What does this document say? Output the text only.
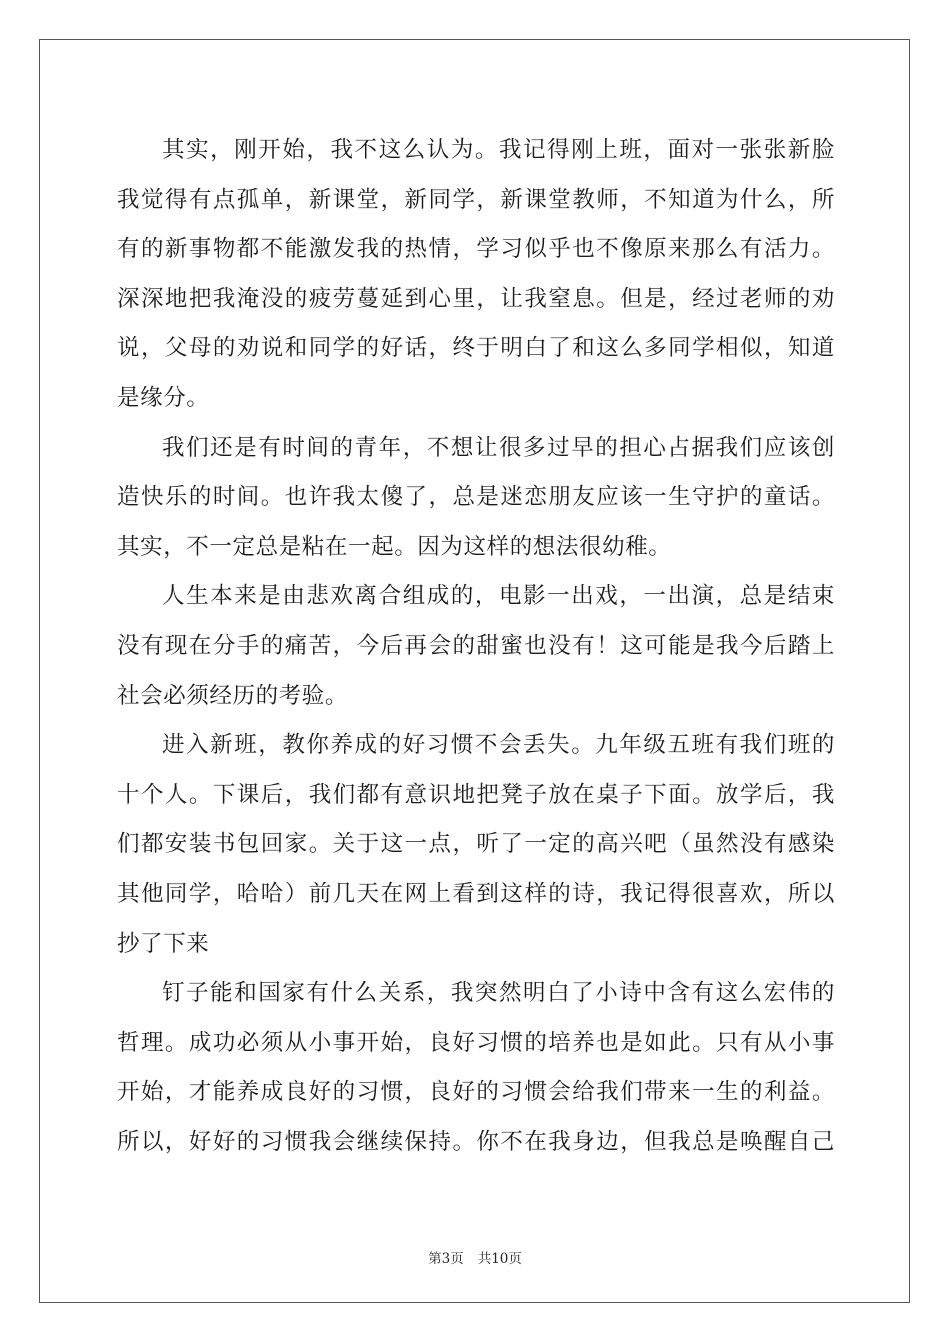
其实，刚开始，我不这么认为。我记得刚上班，面对一张张新脸
我觉得有点孤单，新课堂，新同学，新课堂教师，不知道为什么，所
有的新事物都不能激发我的热情，学习似乎也不像原来那么有活力。
深深地把我淹没的疲劳蔓延到心里，让我窒息。但是，经过老师的劝
说，父母的劝说和同学的好话，终于明白了和这么多同学相似，知道
是缘分。
我们还是有时间的青年，不想让很多过早的担心占据我们应该创
造快乐的时间。也许我太傻了，总是迷恋朋友应该一生守护的童话。
其实，不一定总是粘在一起。因为这样的想法很幼稚。
人生本来是由悲欢离合组成的，电影一出戏，一出演，总是结束
没有现在分手的痛苦，今后再会的甜蜜也没有！这可能是我今后踏上
社会必须经历的考验。
进入新班，教你养成的好习惯不会丢失。九年级五班有我们班的
十个人。下课后，我们都有意识地把凳子放在桌子下面。放学后，我
们都安装书包回家。关于这一点，听了一定的高兴吧（虽然没有感染
其他同学，哈哈）前几天在网上看到这样的诗，我记得很喜欢，所以
抄了下来
钉子能和国家有什么关系，我突然明白了小诗中含有这么宏伟的
哲理。成功必须从小事开始，良好习惯的培养也是如此。只有从小事
开始，才能养成良好的习惯，良好的习惯会给我们带来一生的利益。
所以，好好的习惯我会继续保持。你不在我身边，但我总是唤醒自己
第3页 共10页
